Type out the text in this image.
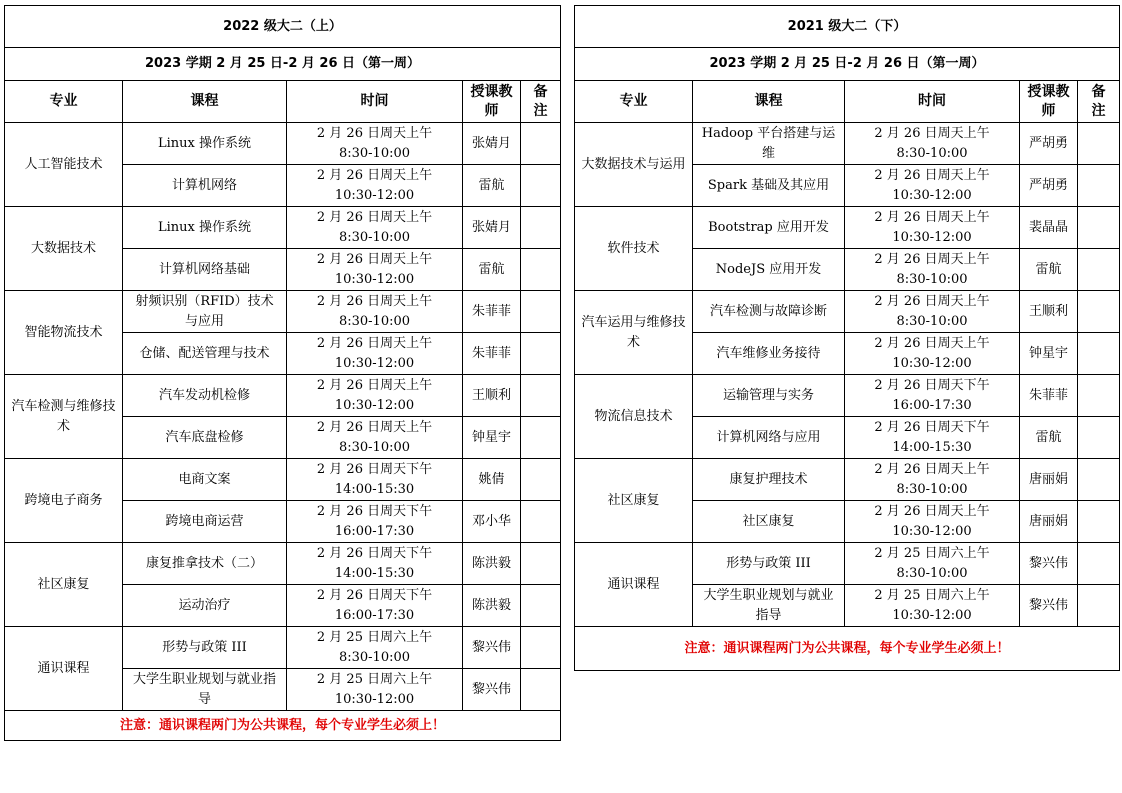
2022 级大二（上）				
2023 学期 2 月 25 日-2 月 26 日（第一周）				
专业	课程	时间	授课教师	备注
人工智能技术	Linux 操作系统	2 月 26 日周天上午
8:30-10:00	张婧月	
	计算机网络	2 月 26 日周天上午
10:30-12:00	雷航	
大数据技术	Linux 操作系统	2 月 26 日周天上午
8:30-10:00	张婧月	
	计算机网络基础	2 月 26 日周天上午
10:30-12:00	雷航	
智能物流技术	射频识别（RFID）技术与应用	2 月 26 日周天上午
8:30-10:00	朱菲菲	
	仓储、配送管理与技术	2 月 26 日周天上午
10:30-12:00	朱菲菲	
汽车检测与维修技术	汽车发动机检修	2 月 26 日周天上午
10:30-12:00	王顺利	
	汽车底盘检修	2 月 26 日周天上午
8:30-10:00	钟星宇	
跨境电子商务	电商文案	2 月 26 日周天下午
14:00-15:30	姚倩	
	跨境电商运营	2 月 26 日周天下午
16:00-17:30	邓小华	
社区康复	康复推拿技术（二）	2 月 26 日周天下午
14:00-15:30	陈洪毅	
	运动治疗	2 月 26 日周天下午
16:00-17:30	陈洪毅	
通识课程	形势与政策 III	2 月 25 日周六上午
8:30-10:00	黎兴伟	
	大学生职业规划与就业指导	2 月 25 日周六上午
10:30-12:00	黎兴伟	
注意：通识课程两门为公共课程，每个专业学生必须上！				
2021 级大二（下）				
2023 学期 2 月 25 日-2 月 26 日（第一周）				
专业	课程	时间	授课教师	备注
大数据技术与运用	Hadoop 平台搭建与运维	2 月 26 日周天上午
8:30-10:00	严胡勇	
	Spark 基础及其应用	2 月 26 日周天上午
10:30-12:00	严胡勇	
软件技术	Bootstrap 应用开发	2 月 26 日周天上午
10:30-12:00	裴晶晶	
	NodeJS 应用开发	2 月 26 日周天上午
8:30-10:00	雷航	
汽车运用与维修技术	汽车检测与故障诊断	2 月 26 日周天上午
8:30-10:00	王顺利	
	汽车维修业务接待	2 月 26 日周天上午
10:30-12:00	钟星宇	
物流信息技术	运输管理与实务	2 月 26 日周天下午
16:00-17:30	朱菲菲	
	计算机网络与应用	2 月 26 日周天下午
14:00-15:30	雷航	
社区康复	康复护理技术	2 月 26 日周天上午
8:30-10:00	唐丽娟	
	社区康复	2 月 26 日周天上午
10:30-12:00	唐丽娟	
通识课程	形势与政策 III	2 月 25 日周六上午
8:30-10:00	黎兴伟	
	大学生职业规划与就业指导	2 月 25 日周六上午
10:30-12:00	黎兴伟	
注意：通识课程两门为公共课程，每个专业学生必须上！				
